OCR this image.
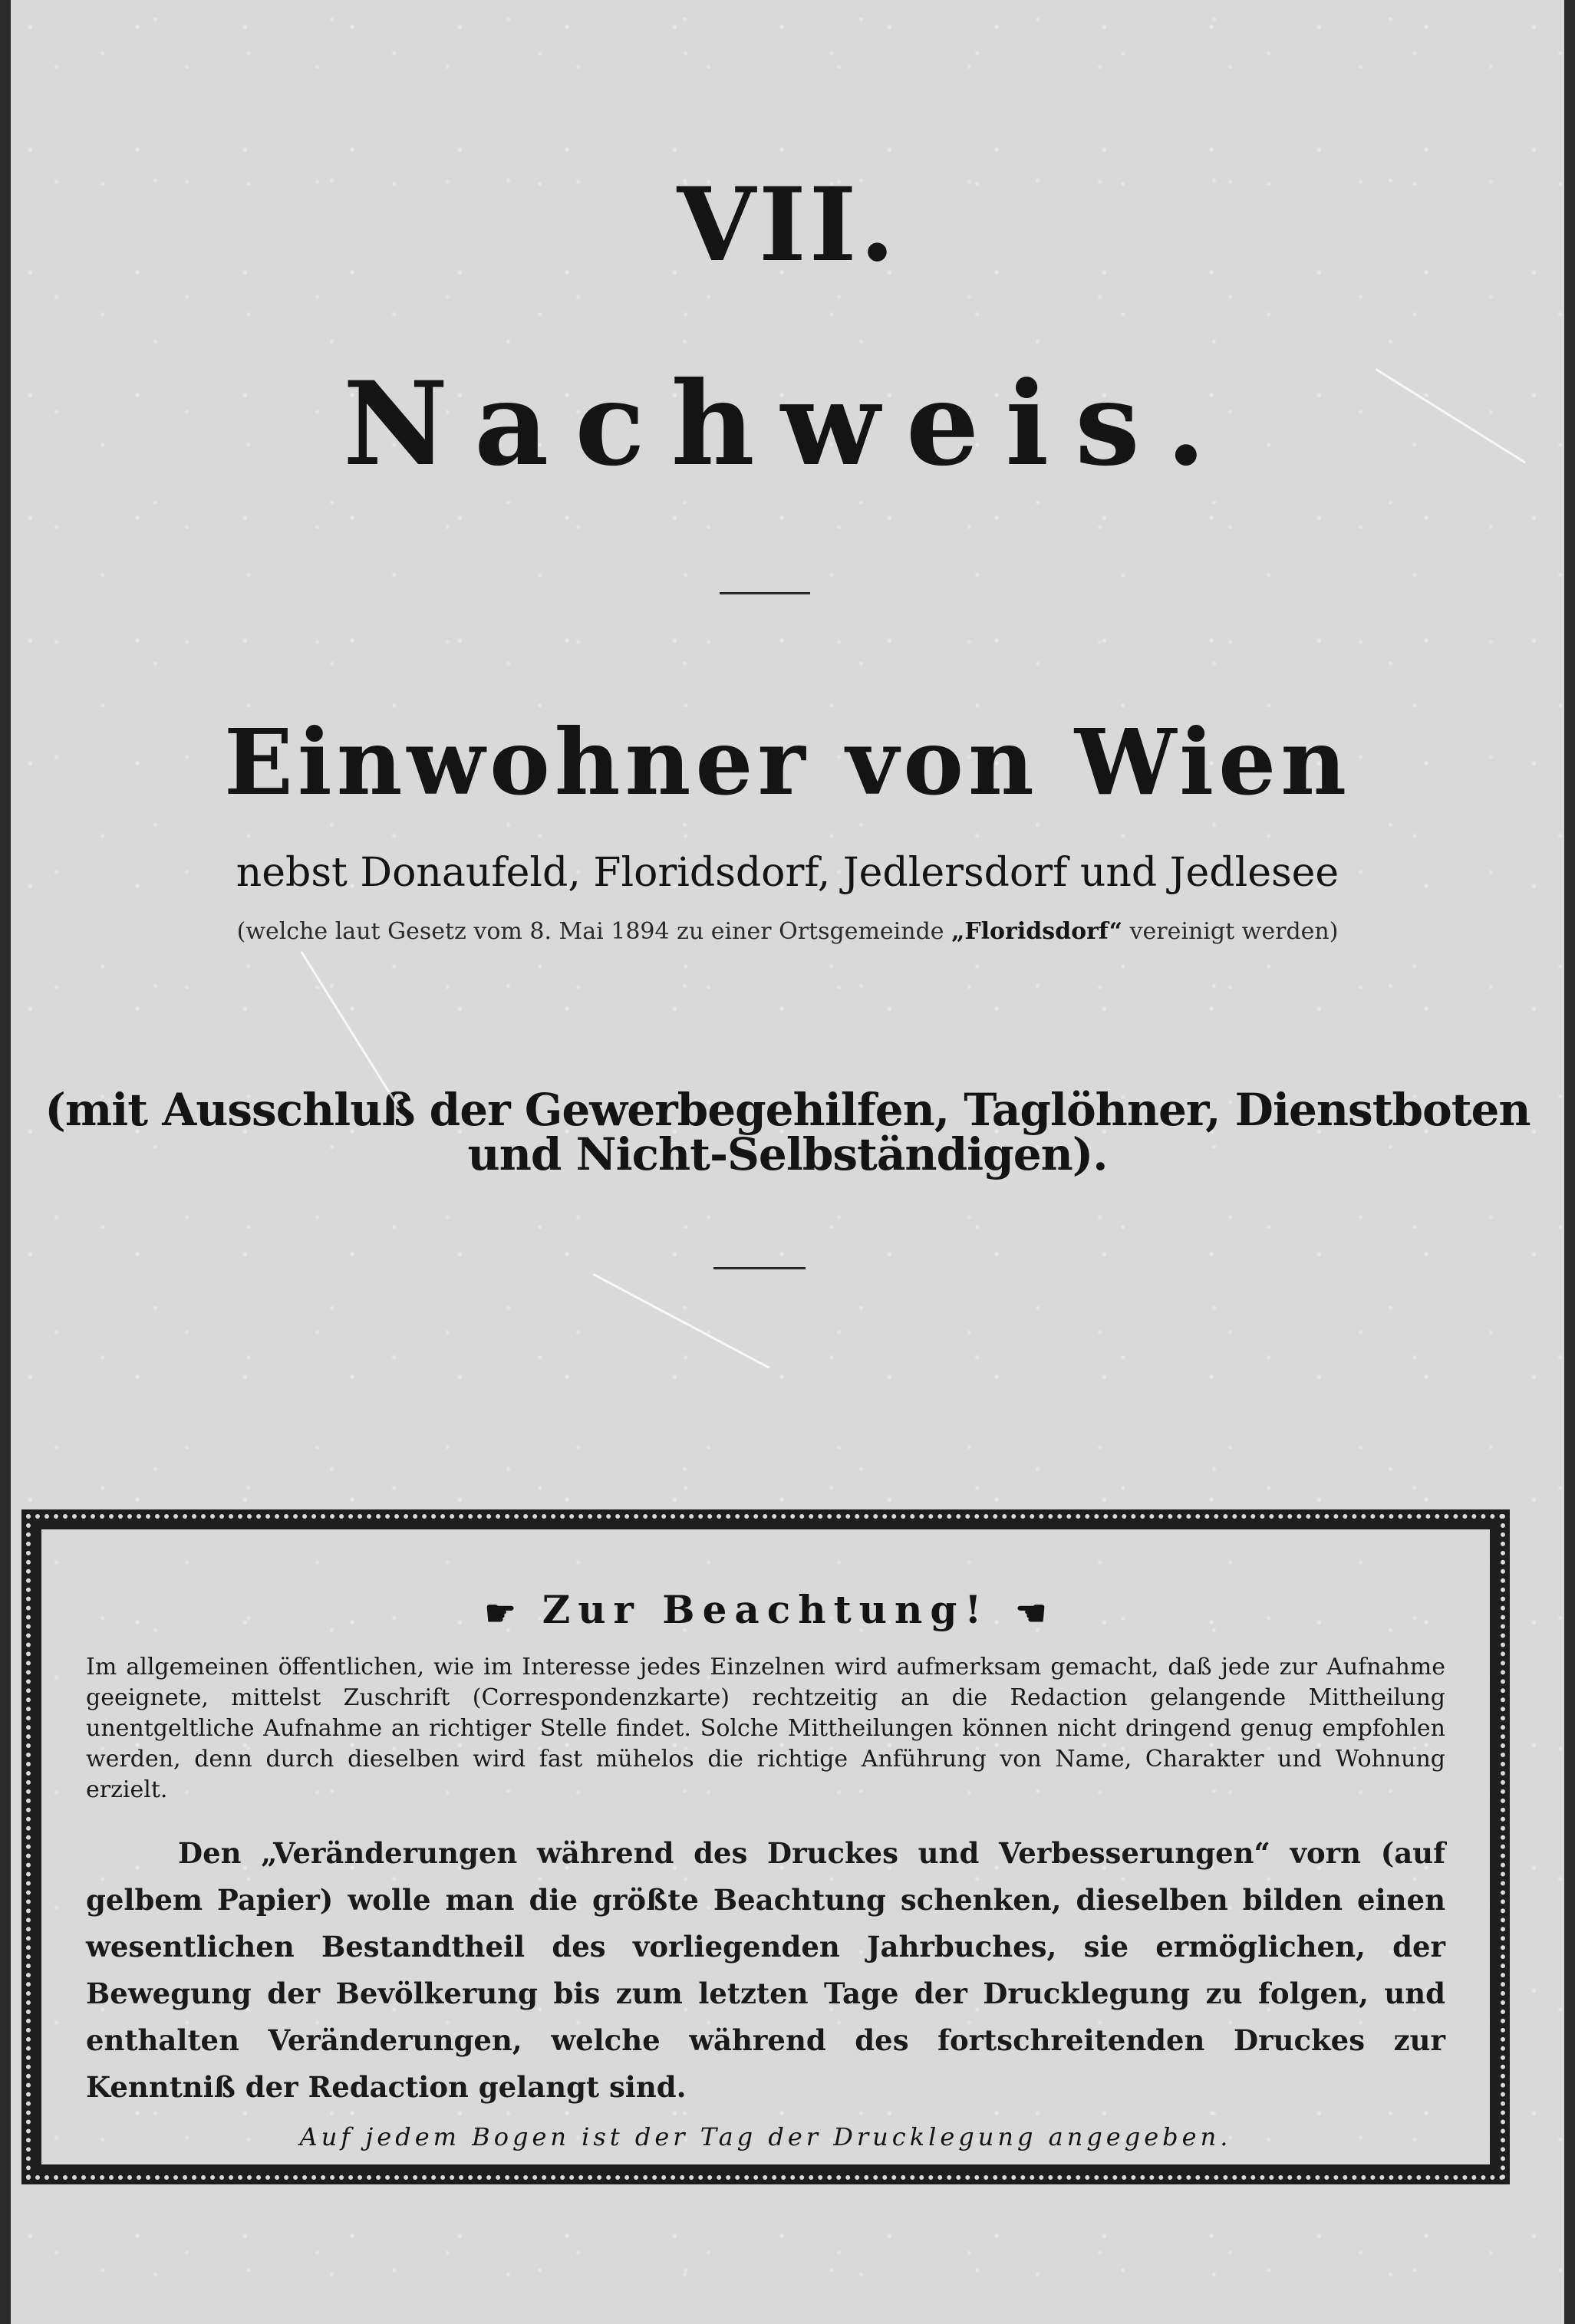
VII.
Nachweis.
Einwohner von Wien
nebst Donaufeld, Floridsdorf, Jedlersdorf und Jedlesee
(welche laut Gesetz vom 8. Mai 1894 zu einer Ortsgemeinde „Floridsdorf“ vereinigt werden)
(mit Ausschluß der Gewerbegehilfen, Taglöhner, Dienstboten und Nicht-Selbständigen).
☛ Zur Beachtung! ☚
Im allgemeinen öffentlichen, wie im Interesse jedes Einzelnen wird aufmerksam gemacht, daß jede zur Aufnahme geeignete, mittelst Zuschrift (Correspondenzkarte) rechtzeitig an die Redaction gelangende Mittheilung unentgeltliche Aufnahme an richtiger Stelle findet. Solche Mittheilungen können nicht dringend genug empfohlen werden, denn durch dieselben wird fast mühelos die richtige Anführung von Name, Charakter und Wohnung erzielt.
Den „Veränderungen während des Druckes und Verbesserungen“ vorn (auf gelbem Papier) wolle man die größte Beachtung schenken, dieselben bilden einen wesentlichen Bestandtheil des vorliegenden Jahrbuches, sie ermöglichen, der Bewegung der Bevölkerung bis zum letzten Tage der Drucklegung zu folgen, und enthalten Veränderungen, welche während des fortschreitenden Druckes zur Kenntniß der Redaction gelangt sind.
Auf jedem Bogen ist der Tag der Drucklegung angegeben.
